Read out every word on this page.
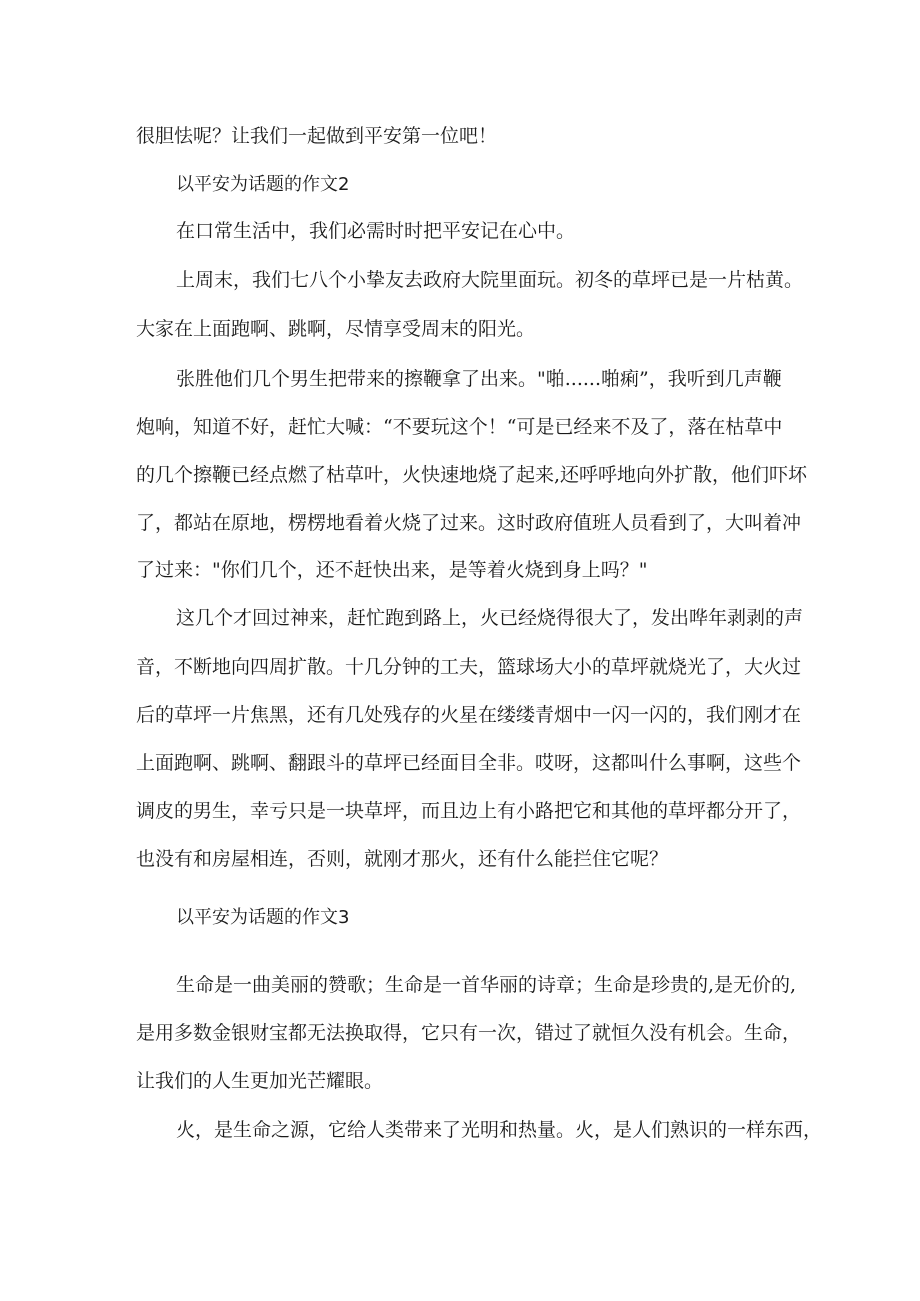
很胆怯呢？让我们一起做到平安第一位吧！
以平安为话题的作文2
在口常生活中，我们必需时时把平安记在心中。
上周末，我们七八个小挚友去政府大院里面玩。初冬的草坪已是一片枯黄。
大家在上面跑啊、跳啊，尽情享受周末的阳光。
张胜他们几个男生把带来的擦鞭拿了出来。"啪......啪痢”，我听到几声鞭
炮响，知道不好，赶忙大喊：“不要玩这个！“可是已经来不及了，落在枯草中
的几个擦鞭已经点燃了枯草叶，火快速地烧了起来,还呼呼地向外扩散，他们吓坏
了，都站在原地，楞楞地看着火烧了过来。这时政府值班人员看到了，大叫着冲
了过来："你们几个，还不赶快出来，是等着火烧到身上吗？"
这几个才回过神来，赶忙跑到路上，火已经烧得很大了，发出哗年剥剥的声
音，不断地向四周扩散。十几分钟的工夫，篮球场大小的草坪就烧光了，大火过
后的草坪一片焦黑，还有几处残存的火星在缕缕青烟中一闪一闪的，我们刚才在
上面跑啊、跳啊、翻跟斗的草坪已经面目全非。哎呀，这都叫什么事啊，这些个
调皮的男生，幸亏只是一块草坪，而且边上有小路把它和其他的草坪都分开了，
也没有和房屋相连，否则，就刚才那火，还有什么能拦住它呢？
以平安为话题的作文3
生命是一曲美丽的赞歌；生命是一首华丽的诗章；生命是珍贵的,是无价的,
是用多数金银财宝都无法换取得，它只有一次，错过了就恒久没有机会。生命，
让我们的人生更加光芒耀眼。
火，是生命之源，它给人类带来了光明和热量。火，是人们熟识的一样东西，
